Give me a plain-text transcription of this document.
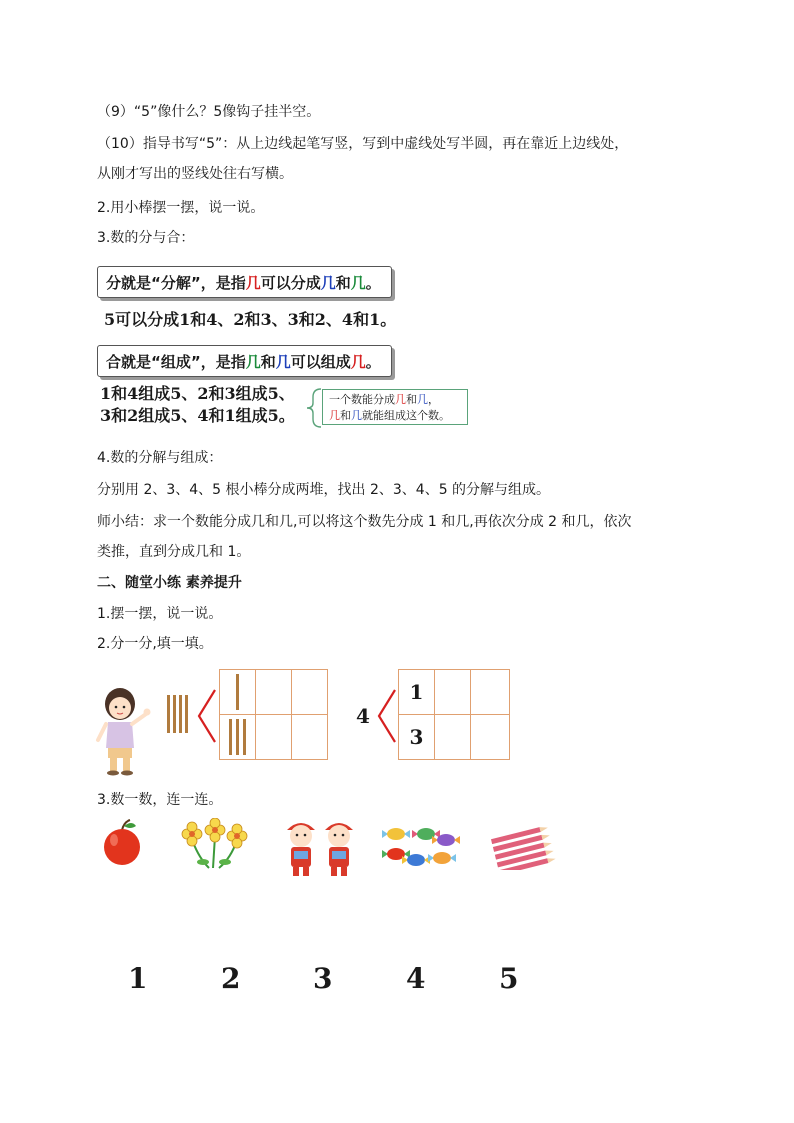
（9）“5”像什么？5像钩子挂半空。
（10）指导书写“5”：从上边线起笔写竖，写到中虚线处写半圆，再在靠近上边线处，
从刚才写出的竖线处往右写横。
2.用小棒摆一摆，说一说。
3.数的分与合：
分就是“分解”，是指 几 可以分成 几 和 几 。
5可以分成1和4、2和3、3和2、4和1。
合就是“组成”，是指 几 和 几 可以组成 几 。
1和4组成5、2和3组成5、
3和2组成5、4和1组成5。
一个数能分成几和几，
几和几就能组成这个数。
4.数的分解与组成：
分别用 2、3、4、5 根小棒分成两堆，找出 2、3、4、5 的分解与组成。
师小结：求一个数能分成几和几,可以将这个数先分成 1 和几,再依次分成 2 和几，依次
类推，直到分成几和 1。
二、随堂小练 素养提升
1.摆一摆，说一说。
2.分一分,填一填。
4
1
3
3.数一数，连一连。
1	2	3	4	5
